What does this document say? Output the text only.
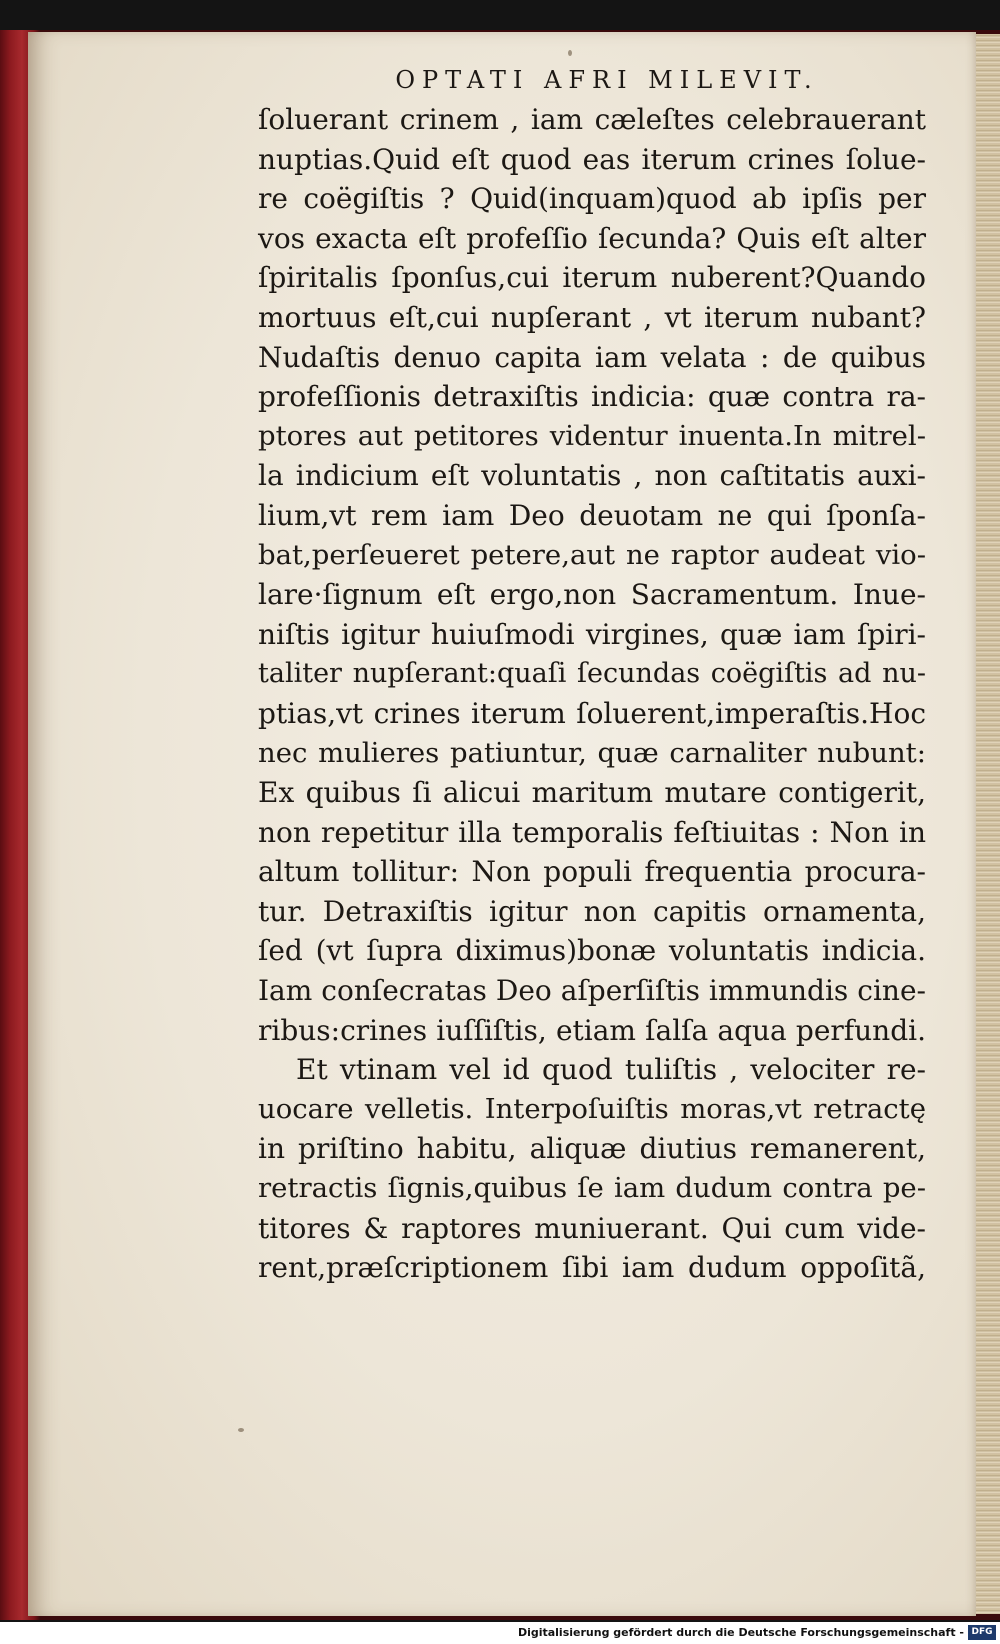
OPTATI AFRI MILEVIT.
ſoluerant crinem , iam cæleſtes celebrauerant
nuptias.Quid eſt quod eas iterum crines ſolue-
re coëgiſtis ? Quid(inquam)quod ab ipſis per
vos exacta eſt profeſſio ſecunda? Quis eſt alter
ſpiritalis ſponſus,cui iterum nuberent?Quando
mortuus eſt,cui nupſerant , vt iterum nubant?
Nudaſtis denuo capita iam velata : de quibus
profeſſionis detraxiſtis indicia: quæ contra ra-
ptores aut petitores videntur inuenta.In mitrel-
la indicium eſt voluntatis , non caſtitatis auxi-
lium,vt rem iam Deo deuotam ne qui ſponſa-
bat,perſeueret petere,aut ne raptor audeat vio-
lare·ſignum eſt ergo,non Sacramentum. Inue-
niſtis igitur huiuſmodi virgines, quæ iam ſpiri-
taliter nupſerant:quaſi ſecundas coëgiſtis ad nu-
ptias,vt crines iterum ſoluerent,imperaſtis.Hoc
nec mulieres patiuntur, quæ carnaliter nubunt:
Ex quibus ſi alicui maritum mutare contigerit,
non repetitur illa temporalis feſtiuitas : Non in
altum tollitur: Non populi frequentia procura-
tur. Detraxiſtis igitur non capitis ornamenta,
ſed (vt ſupra diximus)bonæ voluntatis indicia.
Iam conſecratas Deo aſperſiſtis immundis cine-
ribus:crines iuſſiſtis, etiam ſalſa aqua perfundi.
Et vtinam vel id quod tuliſtis , velociter re-
uocare velletis. Interpoſuiſtis moras,vt retractę
in priſtino habitu, aliquæ diutius remanerent,
retractis ſignis,quibus ſe iam dudum contra pe-
titores & raptores muniuerant. Qui cum vide-
rent,præſcriptionem ſibi iam dudum oppoſitã,
Digitalisierung gefördert durch die Deutsche Forschungsgemeinschaft - DFG
